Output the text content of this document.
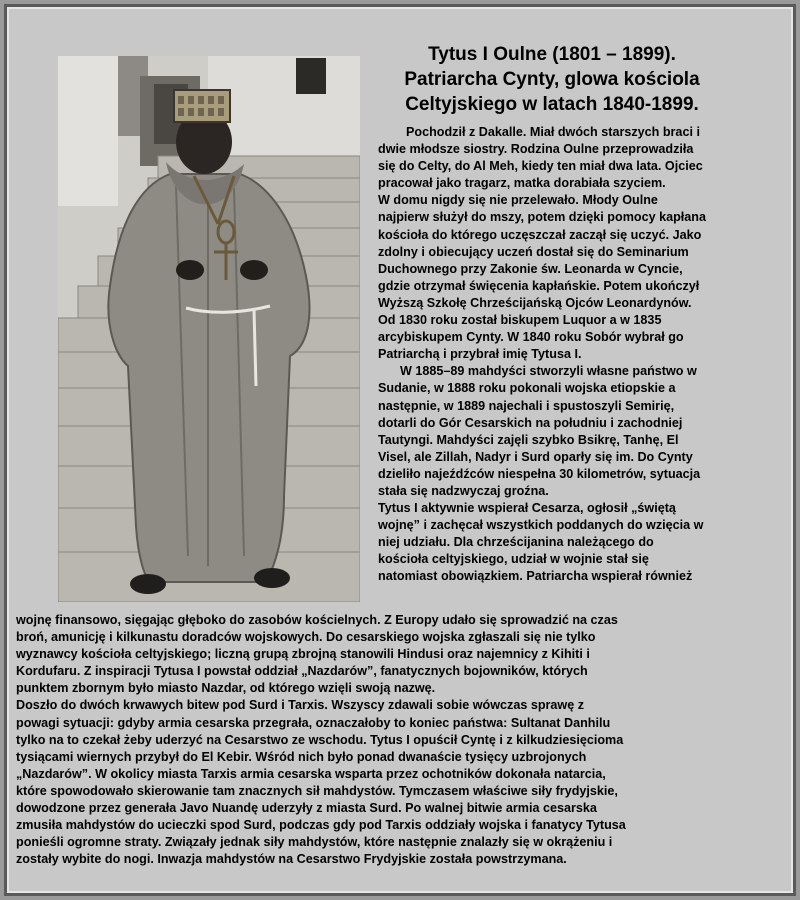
Tytus I Oulne (1801 – 1899).
Patriarcha Cynty, glowa kościola
Celtyjskiego w latach 1840-1899.
Pochodził z Dakalle. Miał dwóch starszych braci i
dwie młodsze siostry. Rodzina Oulne przeprowadziła
się do Celty, do Al Meh, kiedy ten miał dwa lata. Ojciec
pracował jako tragarz, matka dorabiała szyciem.
W domu nigdy się nie przelewało. Młody Oulne
najpierw służył do mszy, potem dzięki pomocy kapłana
kościoła do którego uczęszczał zaczął się uczyć. Jako
zdolny i obiecujący uczeń dostał się do Seminarium
Duchownego przy Zakonie św. Leonarda w Cyncie,
gdzie otrzymał święcenia kapłańskie. Potem ukończył
Wyższą Szkołę Chrześcijańską Ojców Leonardynów.
Od 1830 roku został biskupem Luquor a w 1835
arcybiskupem Cynty. W 1840 roku Sobór wybrał go
Patriarchą i przybrał imię Tytusa I.
W 1885–89 mahdyści stworzyli własne państwo w
Sudanie, w 1888 roku pokonali wojska etiopskie a
następnie, w 1889 najechali i spustoszyli Semirię,
dotarli do Gór Cesarskich na południu i zachodniej
Tautyngi. Mahdyści zajęli szybko Bsikrę, Tanhę, El
Visel, ale Zillah, Nadyr i Surd oparły się im. Do Cynty
dzieliło najeźdźców niespełna 30 kilometrów, sytuacja
stała się nadzwyczaj groźna.
Tytus I aktywnie wspierał Cesarza, ogłosił „świętą
wojnę” i zachęcał wszystkich poddanych do wzięcia w
niej udziału. Dla chrześcijanina należącego do
kościoła celtyjskiego, udział w wojnie stał się
natomiast obowiązkiem. Patriarcha wspierał również
wojnę finansowo, sięgając głęboko do zasobów kościelnych. Z Europy udało się sprowadzić na czas
broń, amunicję i kilkunastu doradców wojskowych. Do cesarskiego wojska zgłaszali się nie tylko
wyznawcy kościoła celtyjskiego; liczną grupą zbrojną stanowili Hindusi oraz najemnicy z Kihiti i
Kordufaru. Z inspiracji Tytusa I powstał oddział „Nazdarów”, fanatycznych bojowników, których
punktem zbornym było miasto Nazdar, od którego wzięli swoją nazwę.
Doszło do dwóch krwawych bitew pod Surd i Tarxis. Wszyscy zdawali sobie wówczas sprawę z
powagi sytuacji: gdyby armia cesarska przegrała, oznaczałoby to koniec państwa: Sultanat Danhilu
tylko na to czekał żeby uderzyć na Cesarstwo ze wschodu. Tytus I opuścił Cyntę i z kilkudziesięcioma
tysiącami wiernych przybył do El Kebir. Wśród nich było ponad dwanaście tysięcy uzbrojonych
„Nazdarów”. W okolicy miasta Tarxis armia cesarska wsparta przez ochotników dokonała natarcia,
które spowodowało skierowanie tam znacznych sił mahdystów. Tymczasem właściwe siły frydyjskie,
dowodzone przez generała Javo Nuandę uderzyły z miasta Surd. Po walnej bitwie armia cesarska
zmusiła mahdystów do ucieczki spod Surd, podczas gdy pod Tarxis oddziały wojska i fanatycy Tytusa
ponieśli ogromne straty. Związały jednak siły mahdystów, które następnie znalazły się w okrążeniu i
zostały wybite do nogi. Inwazja mahdystów na Cesarstwo Frydyjskie została powstrzymana.
